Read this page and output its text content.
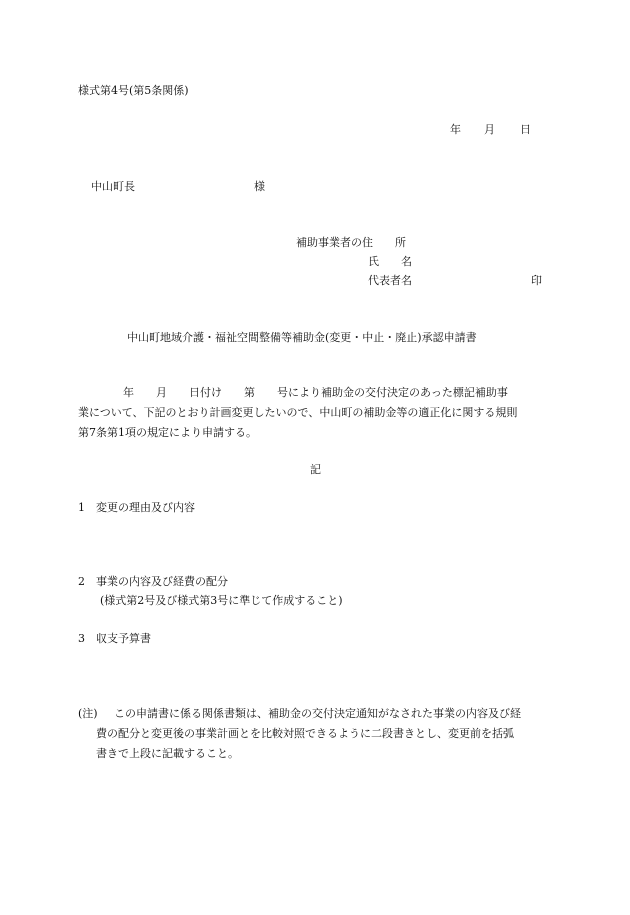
様式第4号(第5条関係)
年 月 日
中山町長	様
補助事業者の住　　所
氏　　名
代表者名	印
中山町地域介護・福祉空間整備等補助金(変更・中止・廃止)承認申請書
年　　月　　日付け　　第　　号により補助金の交付決定のあった標記補助事
業について、下記のとおり計画変更したいので、中山町の補助金等の適正化に関する規則
第7条第1項の規定により申請する。
記
1 変更の理由及び内容
2 事業の内容及び経費の配分
(様式第2号及び様式第3号に準じて作成すること)
3 収支予算書
(注) この申請書に係る関係書類は、補助金の交付決定通知がなされた事業の内容及び経
費の配分と変更後の事業計画とを比較対照できるように二段書きとし、変更前を括弧
書きで上段に記載すること。
